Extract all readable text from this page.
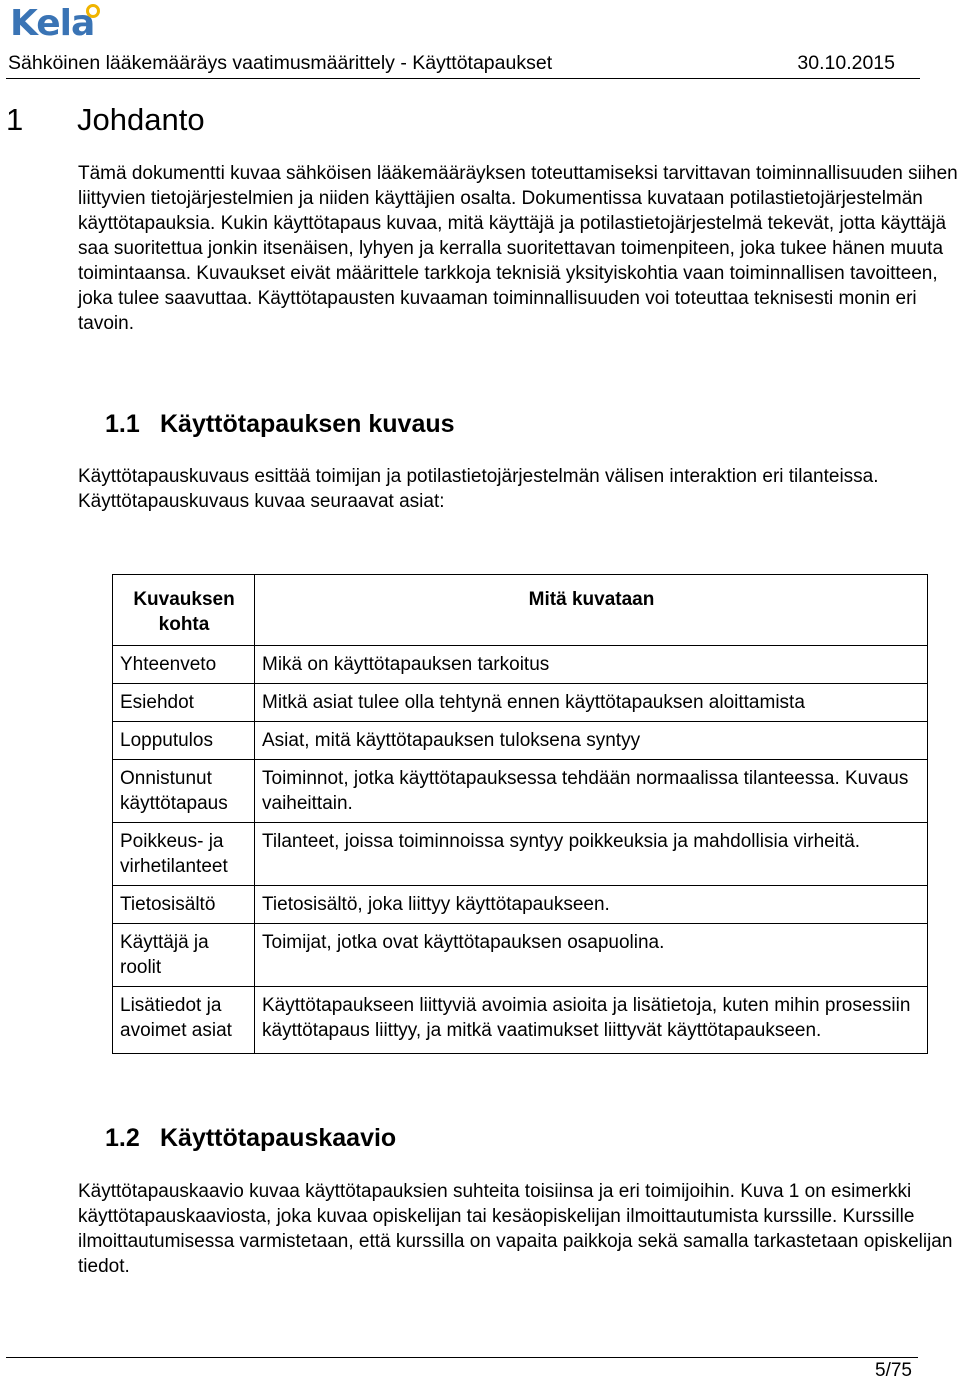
Kela
Sähköinen lääkemääräys vaatimusmäärittely - Käyttötapaukset	30.10.2015
1 Johdanto

Tämä dokumentti kuvaa sähköisen lääkemääräyksen toteuttamiseksi tarvittavan toiminnallisuuden siihen liittyvien tietojärjestelmien ja niiden käyttäjien osalta. Dokumentissa kuvataan potilastietojärjestelmän käyttötapauksia. Kukin käyttötapaus kuvaa, mitä käyttäjä ja potilastietojärjestelmä tekevät, jotta käyttäjä saa suoritettua jonkin itsenäisen, lyhyen ja kerralla suoritettavan toimenpiteen, joka tukee hänen muuta toimintaansa. Kuvaukset eivät määrittele tarkkoja teknisiä yksityiskohtia vaan toiminnallisen tavoitteen, joka tulee saavuttaa. Käyttötapausten kuvaaman toiminnallisuuden voi toteuttaa teknisesti monin eri tavoin.

1.1 Käyttötapauksen kuvaus

Käyttötapauskuvaus esittää toimijan ja potilastietojärjestelmän välisen interaktion eri tilanteissa. Käyttötapauskuvaus kuvaa seuraavat asiat:

Kuvauksen kohta	Mitä kuvataan
Yhteenveto	Mikä on käyttötapauksen tarkoitus
Esiehdot	Mitkä asiat tulee olla tehtynä ennen käyttötapauksen aloittamista
Lopputulos	Asiat, mitä käyttötapauksen tuloksena syntyy
Onnistunut käyttötapaus	Toiminnot, jotka käyttötapauksessa tehdään normaalissa tilanteessa. Kuvaus vaiheittain.
Poikkeus- ja virhetilanteet	Tilanteet, joissa toiminnoissa syntyy poikkeuksia ja mahdollisia virheitä.
Tietosisältö	Tietosisältö, joka liittyy käyttötapaukseen.
Käyttäjä ja roolit	Toimijat, jotka ovat käyttötapauksen osapuolina.
Lisätiedot ja avoimet asiat	Käyttötapaukseen liittyviä avoimia asioita ja lisätietoja, kuten mihin prosessiin käyttötapaus liittyy, ja mitkä vaatimukset liittyvät käyttötapaukseen.
1.2 Käyttötapauskaavio

Käyttötapauskaavio kuvaa käyttötapauksien suhteita toisiinsa ja eri toimijoihin. Kuva 1 on esimerkki käyttötapauskaaviosta, joka kuvaa opiskelijan tai kesäopiskelijan ilmoittautumista kurssille. Kurssille ilmoittautumisessa varmistetaan, että kurssilla on vapaita paikkoja sekä samalla tarkastetaan opiskelijan tiedot.

5/75
